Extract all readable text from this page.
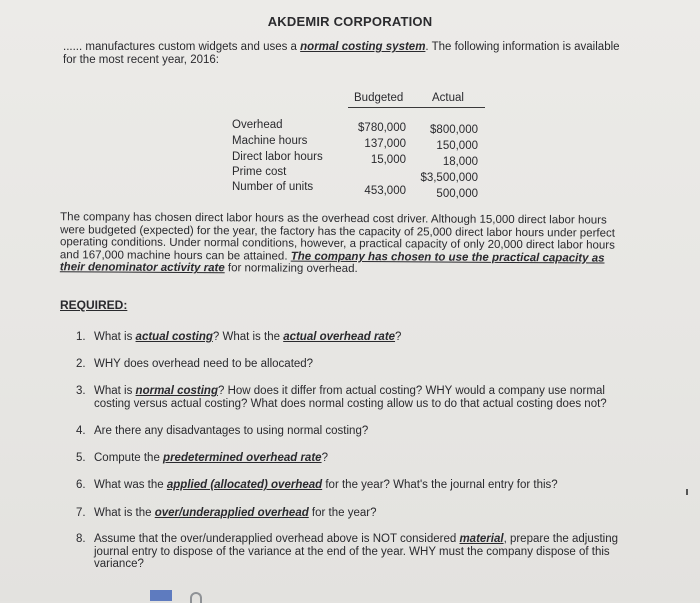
AKDEMIR CORPORATION
...... manufactures custom widgets and uses a normal costing system. The following information is available
for the most recent year, 2016:
Budgeted	Actual
Overhead
Machine hours
Direct labor hours
Prime cost
Number of units
$780,000
137,000
15,000
453,000
$800,000
150,000
18,000
$3,500,000
500,000
The company has chosen direct labor hours as the overhead cost driver. Although 15,000 direct labor hours
were budgeted (expected) for the year, the factory has the capacity of 25,000 direct labor hours under perfect
operating conditions. Under normal conditions, however, a practical capacity of only 20,000 direct labor hours
and 167,000 machine hours can be attained. The company has chosen to use the practical capacity as
their denominator activity rate for normalizing overhead.
REQUIRED:
1. What is actual costing? What is the actual overhead rate?
2. WHY does overhead need to be allocated?
3. What is normal costing? How does it differ from actual costing? WHY would a company use normal
costing versus actual costing? What does normal costing allow us to do that actual costing does not?
4. Are there any disadvantages to using normal costing?
5. Compute the predetermined overhead rate?
6. What was the applied (allocated) overhead for the year? What's the journal entry for this?
7. What is the over/underapplied overhead for the year?
8. Assume that the over/underapplied overhead above is NOT considered material, prepare the adjusting
journal entry to dispose of the variance at the end of the year. WHY must the company dispose of this
variance?
